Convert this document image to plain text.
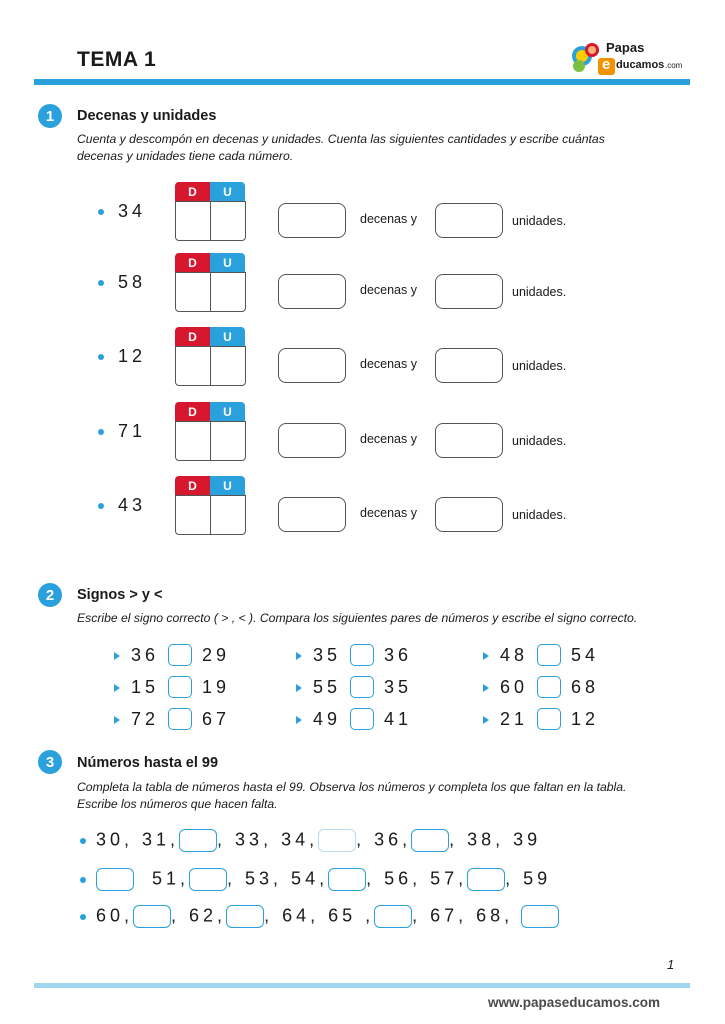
TEMA 1
Papas
e ducamos .com
1	Decenas y unidades
Cuenta y descompón en decenas y unidades. Cuenta las siguientes cantidades y escribe cuántas
decenas y unidades tiene cada número.
34
D	U
decenas y	unidades.
58
D	U
decenas y	unidades.
12
D	U
decenas y	unidades.
71
D	U
decenas y	unidades.
43
D	U
decenas y	unidades.
2	Signos > y <
Escribe el signo correcto ( > , < ). Compara los siguientes pares de números y escribe el signo correcto.
36 29	35 36	48 54
15 19	55 35	60 68
72 67	49 41	21 12
3	Números hasta el 99
Completa la tabla de números hasta el 99. Observa los números y completa los que faltan en la tabla.
Escribe los números que hacen falta.
30, 31, , 33, 34, , 36, , 38, 39
51, , 53, 54, , 56, 57, , 59
60, , 62, , 64, 65 , , 67, 68,
1
www.papaseducamos.com
